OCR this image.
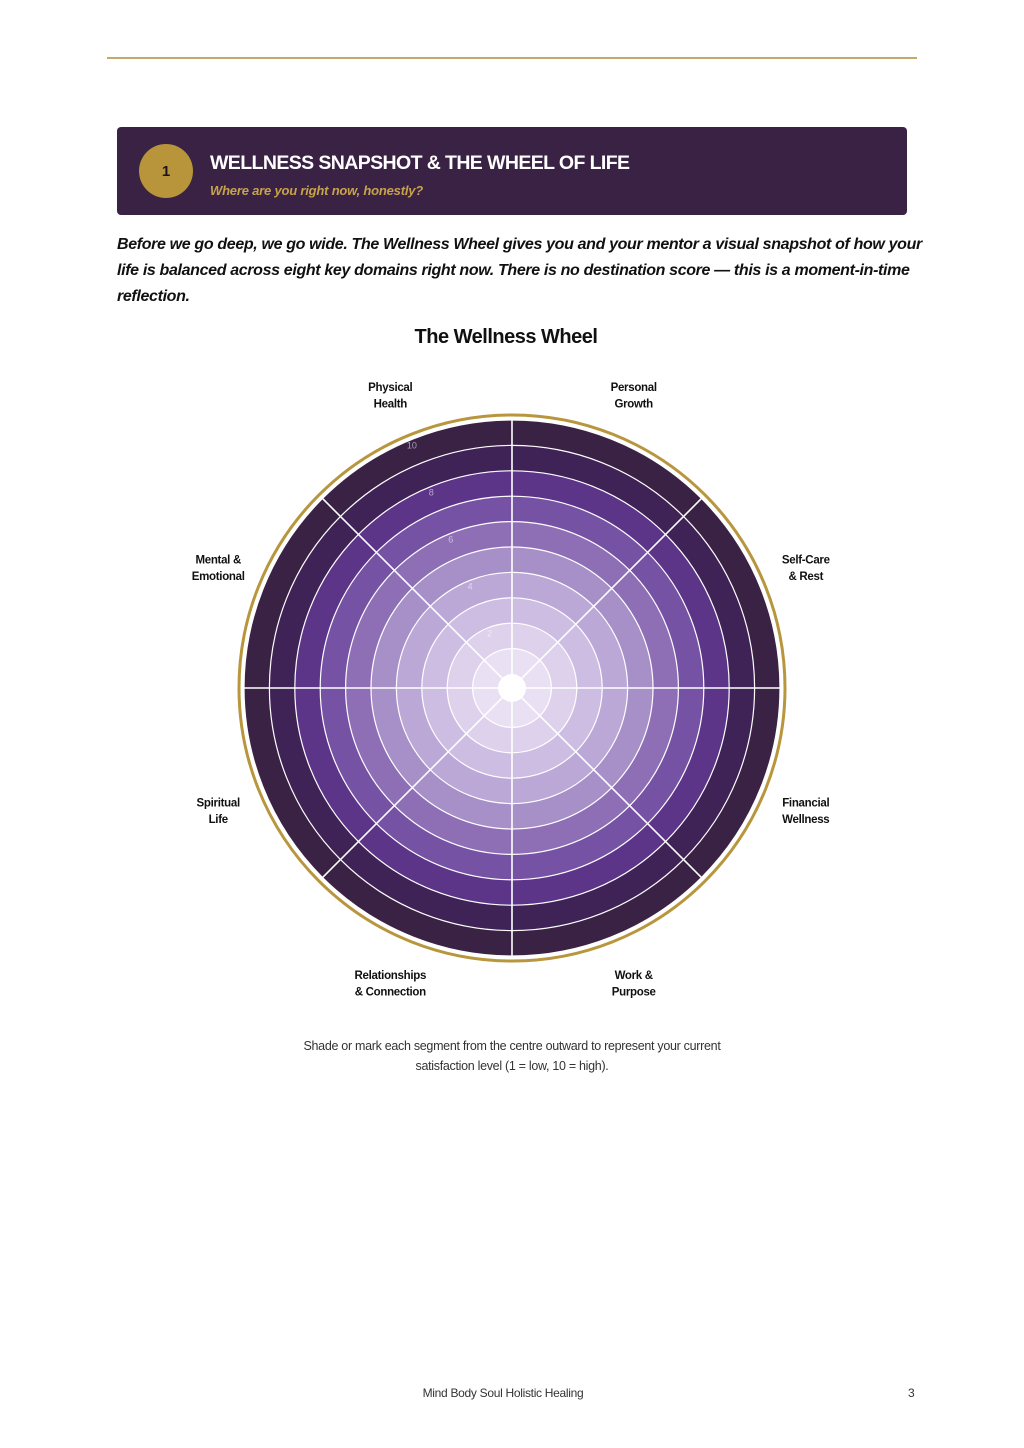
1	WELLNESS SNAPSHOT & THE WHEEL OF LIFE
Where are you right now, honestly?

Before we go deep, we go wide. The Wellness Wheel gives you and your mentor a visual snapshot of how your life is balanced across eight key domains right now. There is no destination score — this is a moment-in-time reflection.

The Wellness Wheel
2
4
6
8
10
Personal Growth
Self-Care & Rest
Financial Wellness
Work & Purpose
Relationships & Connection
Spiritual Life
Mental & Emotional
Physical Health
Shade or mark each segment from the centre outward to represent your current
satisfaction level (1 = low, 10 = high).
Mind Body Soul Holistic Healing	3
